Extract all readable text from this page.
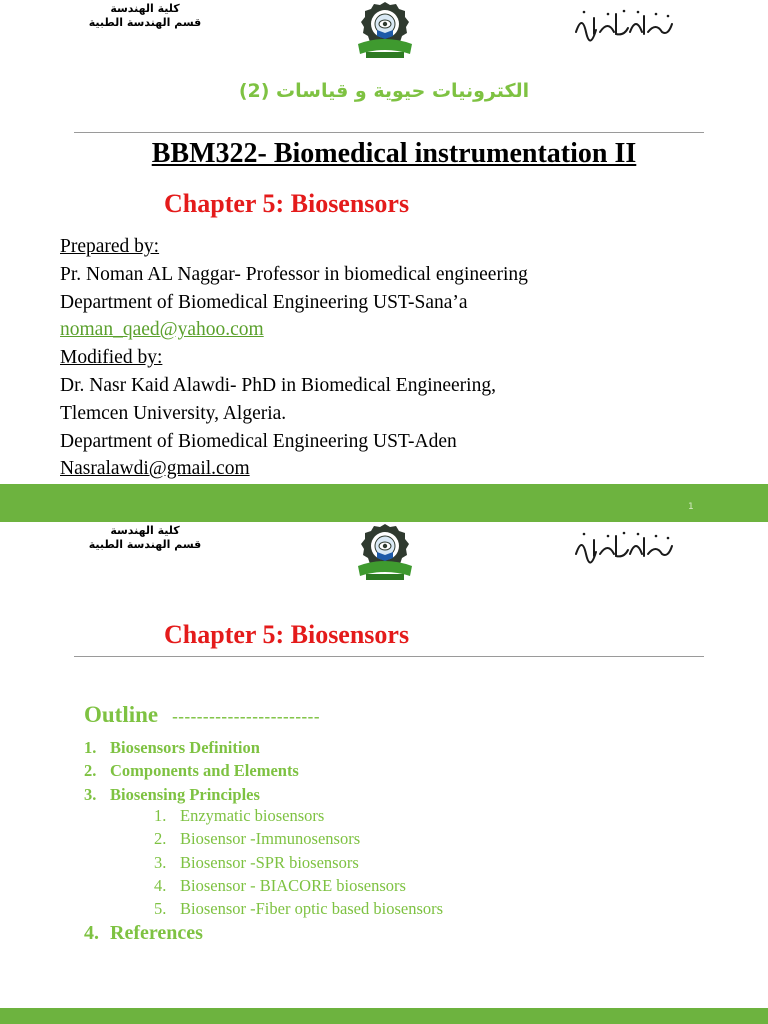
كلية الهندسة
قسم الهندسة الطبية
الكترونيات حيوية و قياسات (2)
BBM322- Biomedical instrumentation II
Chapter 5: Biosensors
Prepared by:
Pr. Noman AL Naggar- Professor in biomedical engineering
Department of Biomedical Engineering UST-Sana’a
noman_qaed@yahoo.com
Modified by:
Dr. Nasr Kaid Alawdi- PhD in Biomedical Engineering,
Tlemcen University, Algeria.
Department of Biomedical Engineering UST-Aden
Nasralawdi@gmail.com
1
كلية الهندسة
قسم الهندسة الطبية
Chapter 5: Biosensors
Outline ------------------------
1. Biosensors Definition
2. Components and Elements
3. Biosensing Principles
1. Enzymatic biosensors
2. Biosensor -Immunosensors
3. Biosensor -SPR biosensors
4. Biosensor - BIACORE biosensors
5. Biosensor -Fiber optic based biosensors
4. References
